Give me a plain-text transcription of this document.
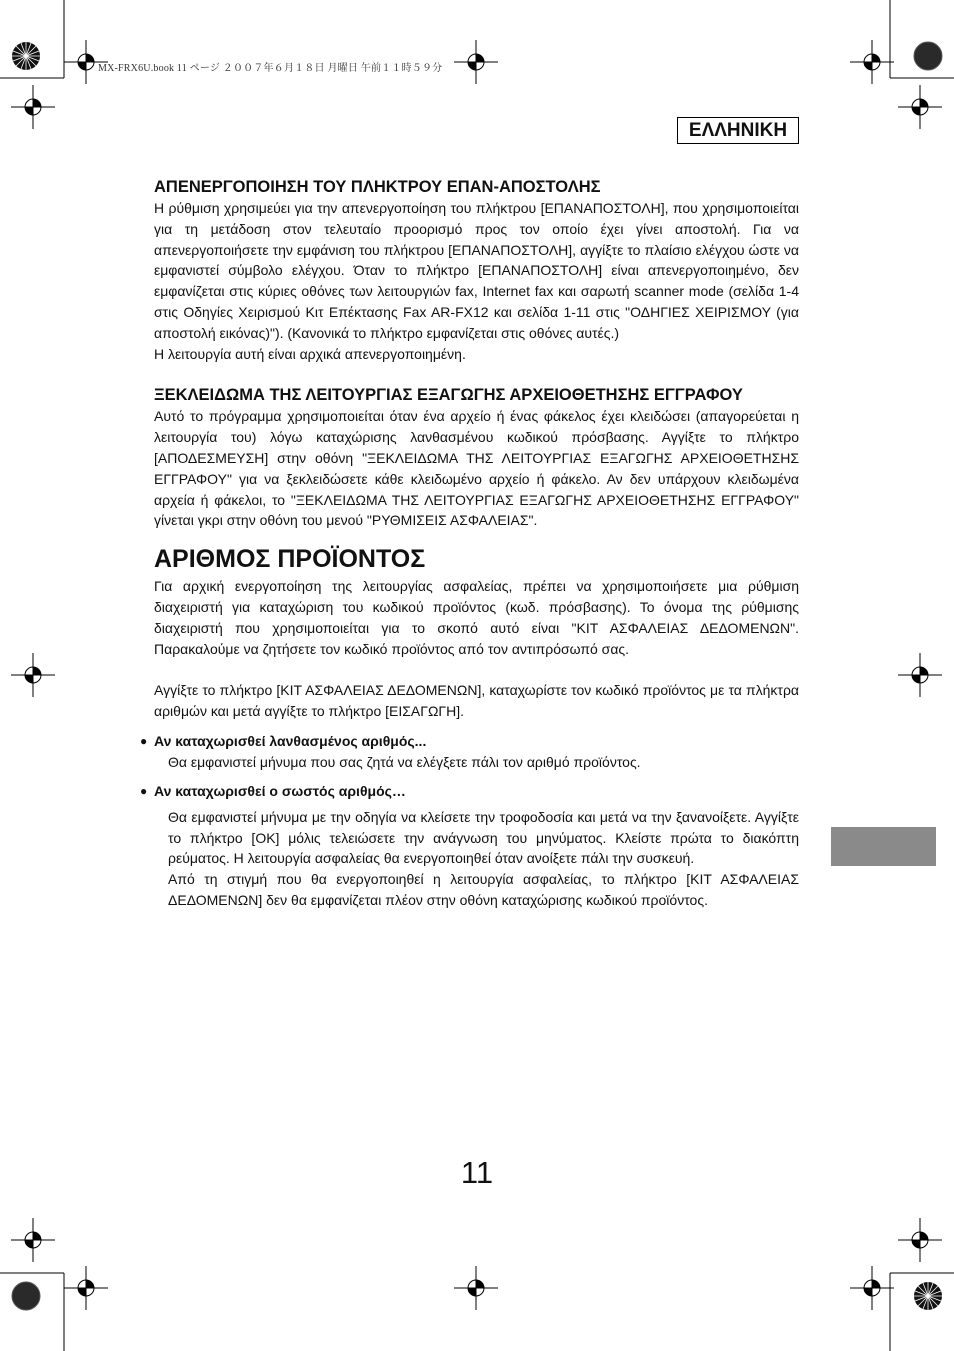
MX-FRX6U.book 11 ページ ２００７年６月１８日 月曜日 午前１１時５９分
ΕΛΛΗΝΙΚΗ
ΑΠΕΝΕΡΓΟΠΟΙΗΣΗ ΤΟΥ ΠΛΗΚΤΡΟΥ ΕΠΑΝ-ΑΠΟΣΤΟΛΗΣ

Η ρύθμιση χρησιμεύει για την απενεργοποίηση του πλήκτρου [ΕΠΑΝΑΠΟΣΤΟΛΗ], που χρησιμοποιείται για τη μετάδοση στον τελευταίο προορισμό προς τον οποίο έχει γίνει αποστολή. Για να απενεργοποιήσετε την εμφάνιση του πλήκτρου [ΕΠΑΝΑΠΟΣΤΟΛΗ], αγγίξτε το πλαίσιο ελέγχου ώστε να εμφανιστεί σύμβολο ελέγχου. Όταν το πλήκτρο [ΕΠΑΝΑΠΟΣΤΟΛΗ] είναι απενεργοποιημένο, δεν εμφανίζεται στις κύριες οθόνες των λειτουργιών fax, Internet fax και σαρωτή scanner mode (σελίδα 1-4 στις Οδηγίες Χειρισμού Κιτ Επέκτασης Fax AR-FX12 και σελίδα 1-11 στις "ΟΔΗΓΙΕΣ ΧΕΙΡΙΣΜΟΥ (για αποστολή εικόνας)"). (Κανονικά το πλήκτρο εμφανίζεται στις οθόνες αυτές.)

Η λειτουργία αυτή είναι αρχικά απενεργοποιημένη.

ΞΕΚΛΕΙΔΩΜΑ ΤΗΣ ΛΕΙΤΟΥΡΓΙΑΣ ΕΞΑΓΩΓΗΣ ΑΡΧΕΙΟΘΕΤΗΣΗΣ ΕΓΓΡΑΦΟΥ

Αυτό το πρόγραμμα χρησιμοποιείται όταν ένα αρχείο ή ένας φάκελος έχει κλειδώσει (απαγορεύεται η λειτουργία του) λόγω καταχώρισης λανθασμένου κωδικού πρόσβασης. Αγγίξτε το πλήκτρο [ΑΠΟΔΕΣΜΕΥΣΗ] στην οθόνη "ΞΕΚΛΕΙΔΩΜΑ ΤΗΣ ΛΕΙΤΟΥΡΓΙΑΣ ΕΞΑΓΩΓΗΣ ΑΡΧΕΙΟΘΕΤΗΣΗΣ ΕΓΓΡΑΦΟΥ" για να ξεκλειδώσετε κάθε κλειδωμένο αρχείο ή φάκελο. Αν δεν υπάρχουν κλειδωμένα αρχεία ή φάκελοι, το "ΞΕΚΛΕΙΔΩΜΑ ΤΗΣ ΛΕΙΤΟΥΡΓΙΑΣ ΕΞΑΓΩΓΗΣ ΑΡΧΕΙΟΘΕΤΗΣΗΣ ΕΓΓΡΑΦΟΥ" γίνεται γκρι στην οθόνη του μενού "ΡΥΘΜΙΣΕΙΣ ΑΣΦΑΛΕΙΑΣ".

ΑΡΙΘΜΟΣ ΠΡΟΪΟΝΤΟΣ

Για αρχική ενεργοποίηση της λειτουργίας ασφαλείας, πρέπει να χρησιμοποιήσετε μια ρύθμιση διαχειριστή για καταχώριση του κωδικού προϊόντος (κωδ. πρόσβασης). Το όνομα της ρύθμισης διαχειριστή που χρησιμοποιείται για το σκοπό αυτό είναι "ΚΙΤ ΑΣΦΑΛΕΙΑΣ ΔΕΔΟΜΕΝΩΝ". Παρακαλούμε να ζητήσετε τον κωδικό προϊόντος από τον αντιπρόσωπό σας.

Αγγίξτε το πλήκτρο [ΚΙΤ ΑΣΦΑΛΕΙΑΣ ΔΕΔΟΜΕΝΩΝ], καταχωρίστε τον κωδικό προϊόντος με τα πλήκτρα αριθμών και μετά αγγίξτε το πλήκτρο [ΕΙΣΑΓΩΓΗ].

● Αν καταχωρισθεί λανθασμένος αριθμός...

Θα εμφανιστεί μήνυμα που σας ζητά να ελέγξετε πάλι τον αριθμό προϊόντος.

● Αν καταχωρισθεί ο σωστός αριθμός…

Θα εμφανιστεί μήνυμα με την οδηγία να κλείσετε την τροφοδοσία και μετά να την ξανανοίξετε. Αγγίξτε το πλήκτρο [OK] μόλις τελειώσετε την ανάγνωση του μηνύματος. Κλείστε πρώτα το διακόπτη ρεύματος. Η λειτουργία ασφαλείας θα ενεργοποιηθεί όταν ανοίξετε πάλι την συσκευή.

Από τη στιγμή που θα ενεργοποιηθεί η λειτουργία ασφαλείας, το πλήκτρο [ΚΙΤ ΑΣΦΑΛΕΙΑΣ ΔΕΔΟΜΕΝΩΝ] δεν θα εμφανίζεται πλέον στην οθόνη καταχώρισης κωδικού προϊόντος.

11
